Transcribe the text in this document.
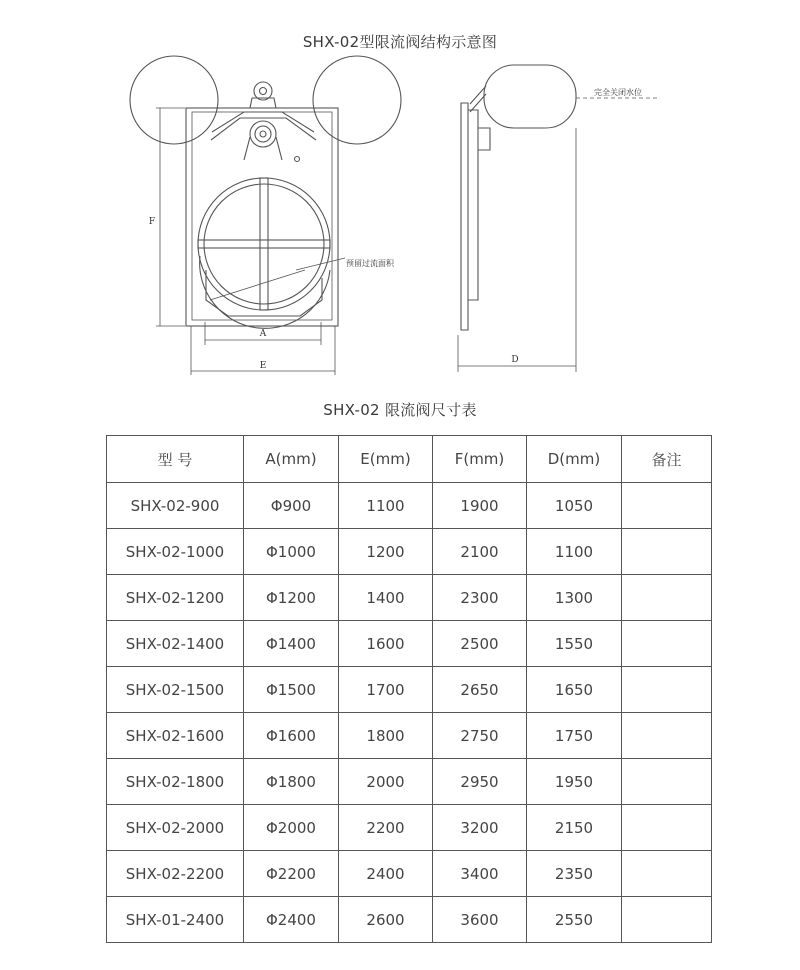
SHX-02型限流阀结构示意图
完全关闭水位
预留过流面积
A
E
F
D
SHX-02 限流阀尺寸表
型 号	A(mm)	E(mm)	F(mm)	D(mm)	备注
SHX-02-900	Φ900	1100	1900	1050	
SHX-02-1000	Φ1000	1200	2100	1100	
SHX-02-1200	Φ1200	1400	2300	1300	
SHX-02-1400	Φ1400	1600	2500	1550	
SHX-02-1500	Φ1500	1700	2650	1650	
SHX-02-1600	Φ1600	1800	2750	1750	
SHX-02-1800	Φ1800	2000	2950	1950	
SHX-02-2000	Φ2000	2200	3200	2150	
SHX-02-2200	Φ2200	2400	3400	2350	
SHX-01-2400	Φ2400	2600	3600	2550	
